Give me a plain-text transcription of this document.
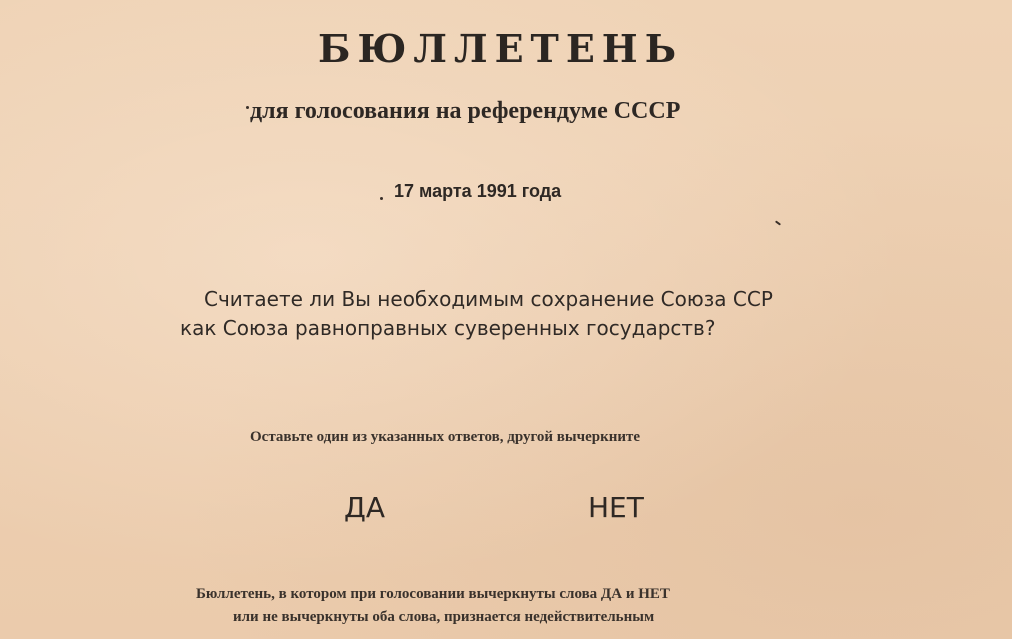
БЮЛЛЕТЕНЬ

для голосования на референдуме СССР

17 марта 1991 года

Считаете ли Вы необходимым сохранение Союза ССР

как Союза равноправных суверенных государств?

Оставьте один из указанных ответов, другой вычеркните

ДА	НЕТ

Бюллетень, в котором при голосовании вычеркнуты слова ДА и НЕТ

или не вычеркнуты оба слова, признается недействительным
